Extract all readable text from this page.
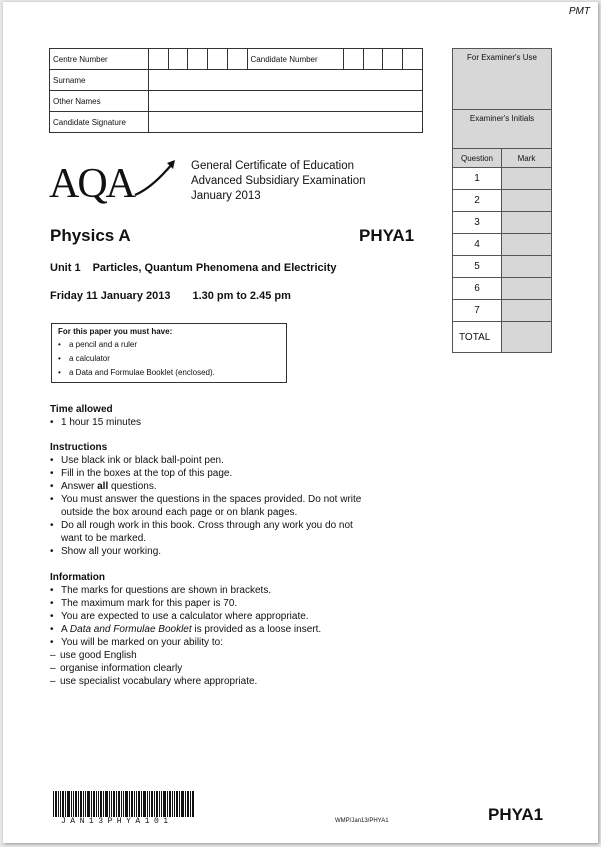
PMT
Centre Number						Candidate Number				
Surname										
Other Names										
Candidate Signature										
For Examiner's Use	
Examiner's Initials	
Question	Mark
1	
2	
3	
4	
5	
6	
7	
TOTAL	
AQA	General Certificate of Education
Advanced Subsidiary Examination
January 2013
Physics A	PHYA1
Unit 1 Particles, Quantum Phenomena and Electricity
Friday 11 January 2013 1.30 pm to 2.45 pm
For this paper you must have:
• a pencil and a ruler
• a calculator
• a Data and Formulae Booklet (enclosed).
Time allowed
• 1 hour 15 minutes
Instructions
• Use black ink or black ball-point pen.
• Fill in the boxes at the top of this page.
• Answer all questions.
• You must answer the questions in the spaces provided. Do not write
outside the box around each page or on blank pages.
• Do all rough work in this book. Cross through any work you do not
want to be marked.
• Show all your working.
Information
• The marks for questions are shown in brackets.
• The maximum mark for this paper is 70.
• You are expected to use a calculator where appropriate.
• A Data and Formulae Booklet is provided as a loose insert.
• You will be marked on your ability to:
– use good English
– organise information clearly
– use specialist vocabulary where appropriate.
JAN13PHYA101	WMP/Jan13/PHYA1	PHYA1
